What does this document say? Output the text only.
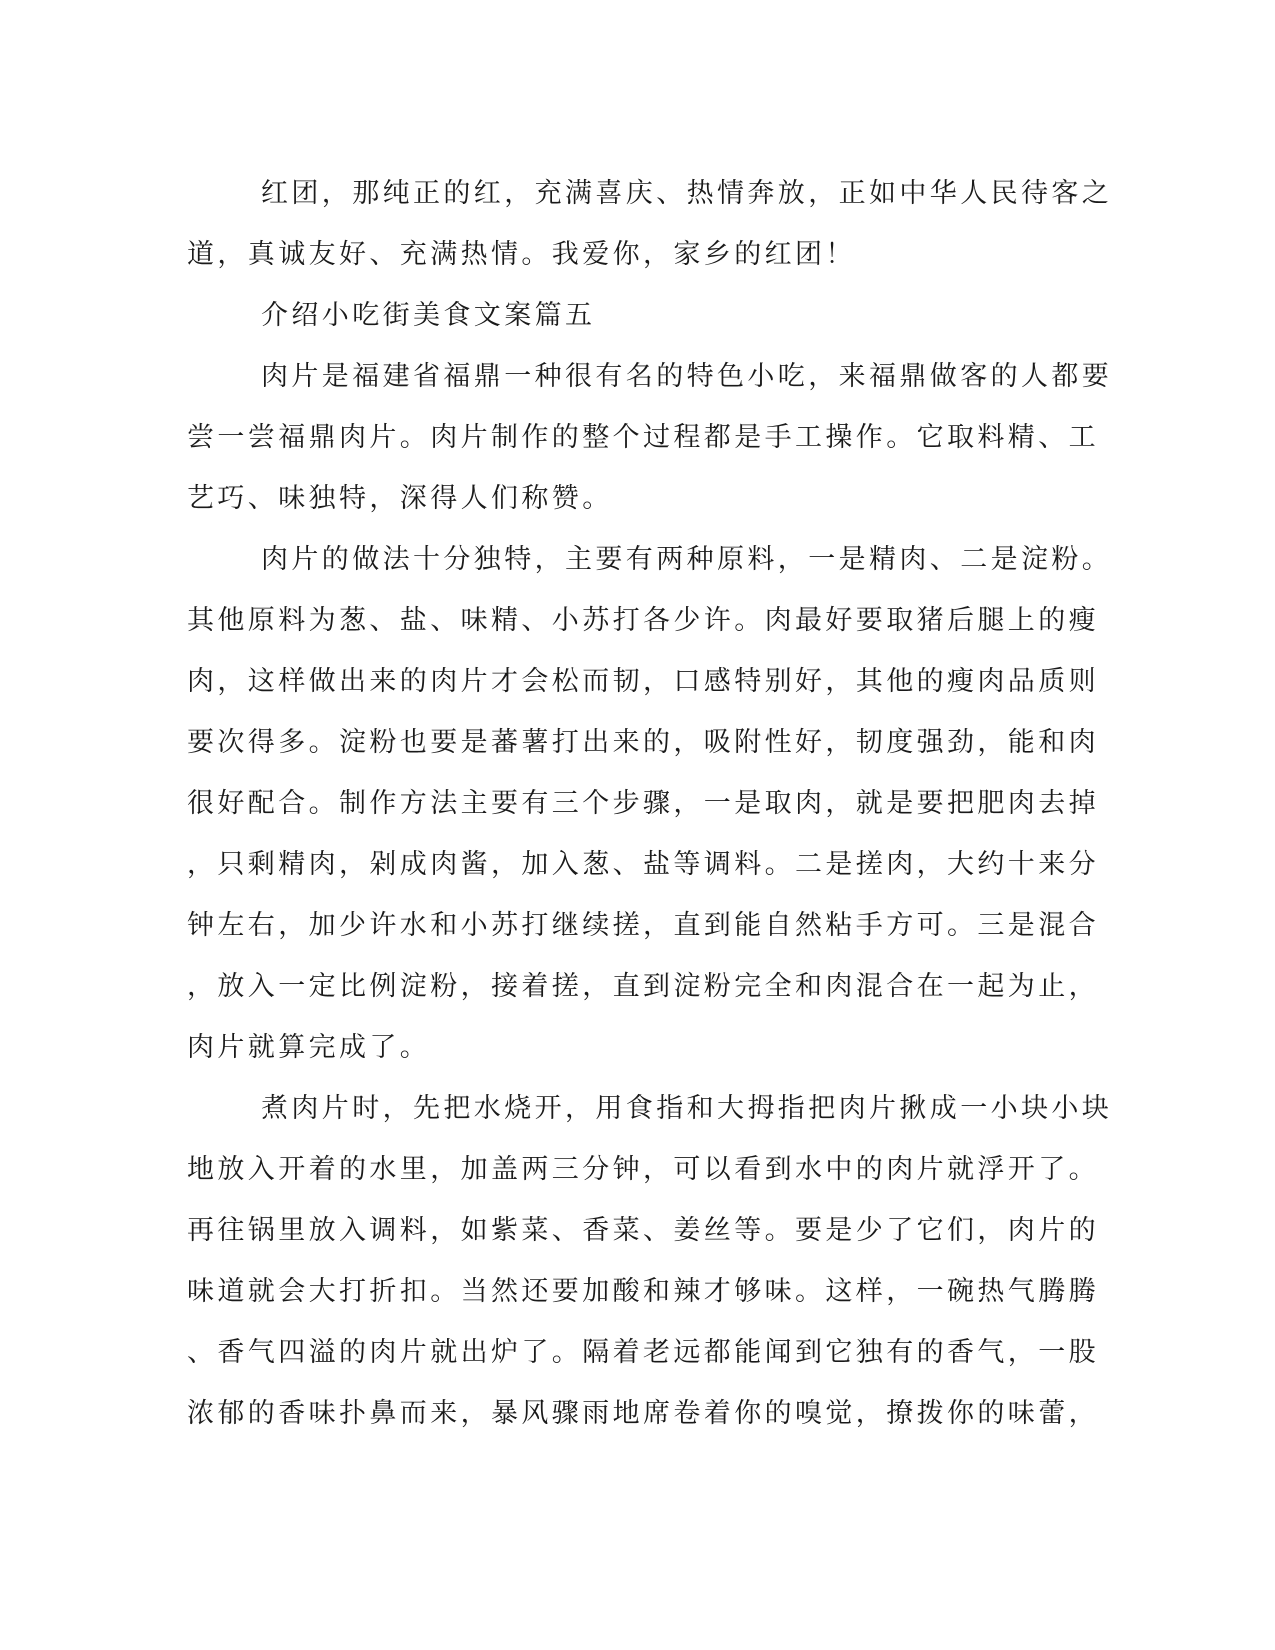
红团，那纯正的红，充满喜庆、热情奔放，正如中华人民待客之
道，真诚友好、充满热情。我爱你，家乡的红团！
介绍小吃街美食文案篇五
肉片是福建省福鼎一种很有名的特色小吃，来福鼎做客的人都要
尝一尝福鼎肉片。肉片制作的整个过程都是手工操作。它取料精、工
艺巧、味独特，深得人们称赞。
肉片的做法十分独特，主要有两种原料，一是精肉、二是淀粉。
其他原料为葱、盐、味精、小苏打各少许。肉最好要取猪后腿上的瘦
肉，这样做出来的肉片才会松而韧，口感特别好，其他的瘦肉品质则
要次得多。淀粉也要是蕃薯打出来的，吸附性好，韧度强劲，能和肉
很好配合。制作方法主要有三个步骤，一是取肉，就是要把肥肉去掉
，只剩精肉，剁成肉酱，加入葱、盐等调料。二是搓肉，大约十来分
钟左右，加少许水和小苏打继续搓，直到能自然粘手方可。三是混合
，放入一定比例淀粉，接着搓，直到淀粉完全和肉混合在一起为止，
肉片就算完成了。
煮肉片时，先把水烧开，用食指和大拇指把肉片揪成一小块小块
地放入开着的水里，加盖两三分钟，可以看到水中的肉片就浮开了。
再往锅里放入调料，如紫菜、香菜、姜丝等。要是少了它们，肉片的
味道就会大打折扣。当然还要加酸和辣才够味。这样，一碗热气腾腾
、香气四溢的肉片就出炉了。隔着老远都能闻到它独有的香气，一股
浓郁的香味扑鼻而来，暴风骤雨地席卷着你的嗅觉，撩拨你的味蕾，
